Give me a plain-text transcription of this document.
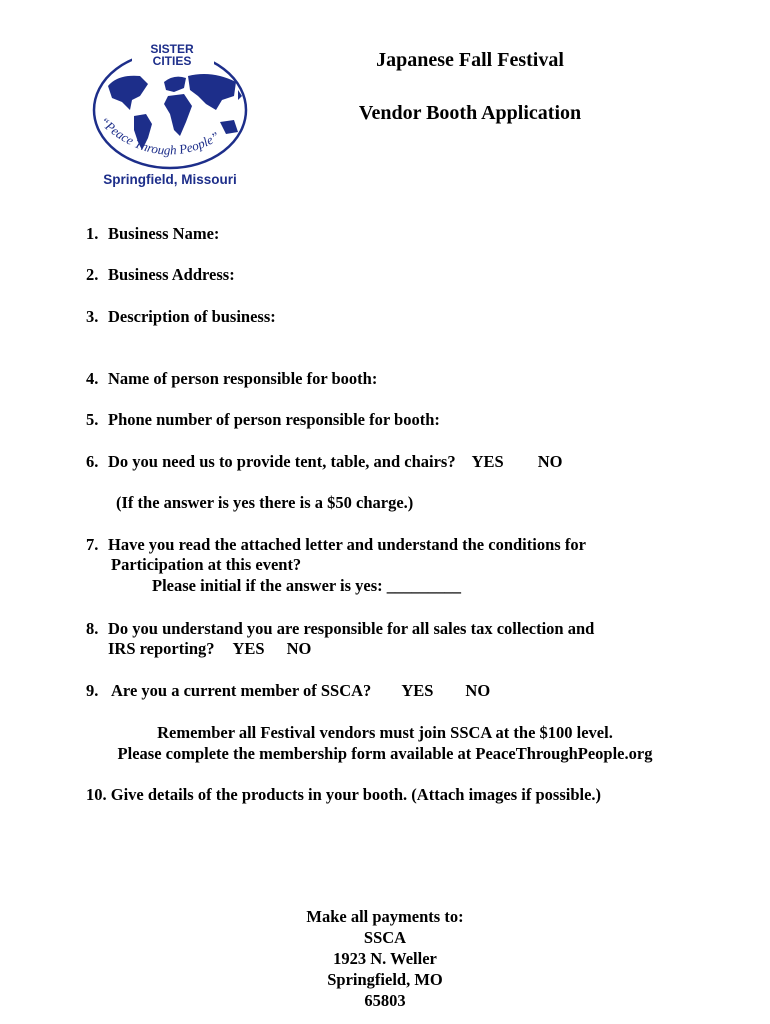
SISTER
CITIES
“Peace Through People”
Springfield, Missouri
Japanese Fall Festival
Vendor Booth Application
1. Business Name:
2. Business Address:
3. Description of business:
4. Name of person responsible for booth:
5. Phone number of person responsible for booth:
6. Do you need us to provide tent, table, and chairs? YES NO
(If the answer is yes there is a $50 charge.)
7. Have you read the attached letter and understand the conditions for
Participation at this event?
Please initial if the answer is yes: _________
8. Do you understand you are responsible for all sales tax collection and
IRS reporting? YES NO
9. Are you a current member of SSCA? YES NO
Remember all Festival vendors must join SSCA at the $100 level.
Please complete the membership form available at PeaceThroughPeople.org
10. Give details of the products in your booth. (Attach images if possible.)
Make all payments to:
SSCA
1923 N. Weller
Springfield, MO
65803
